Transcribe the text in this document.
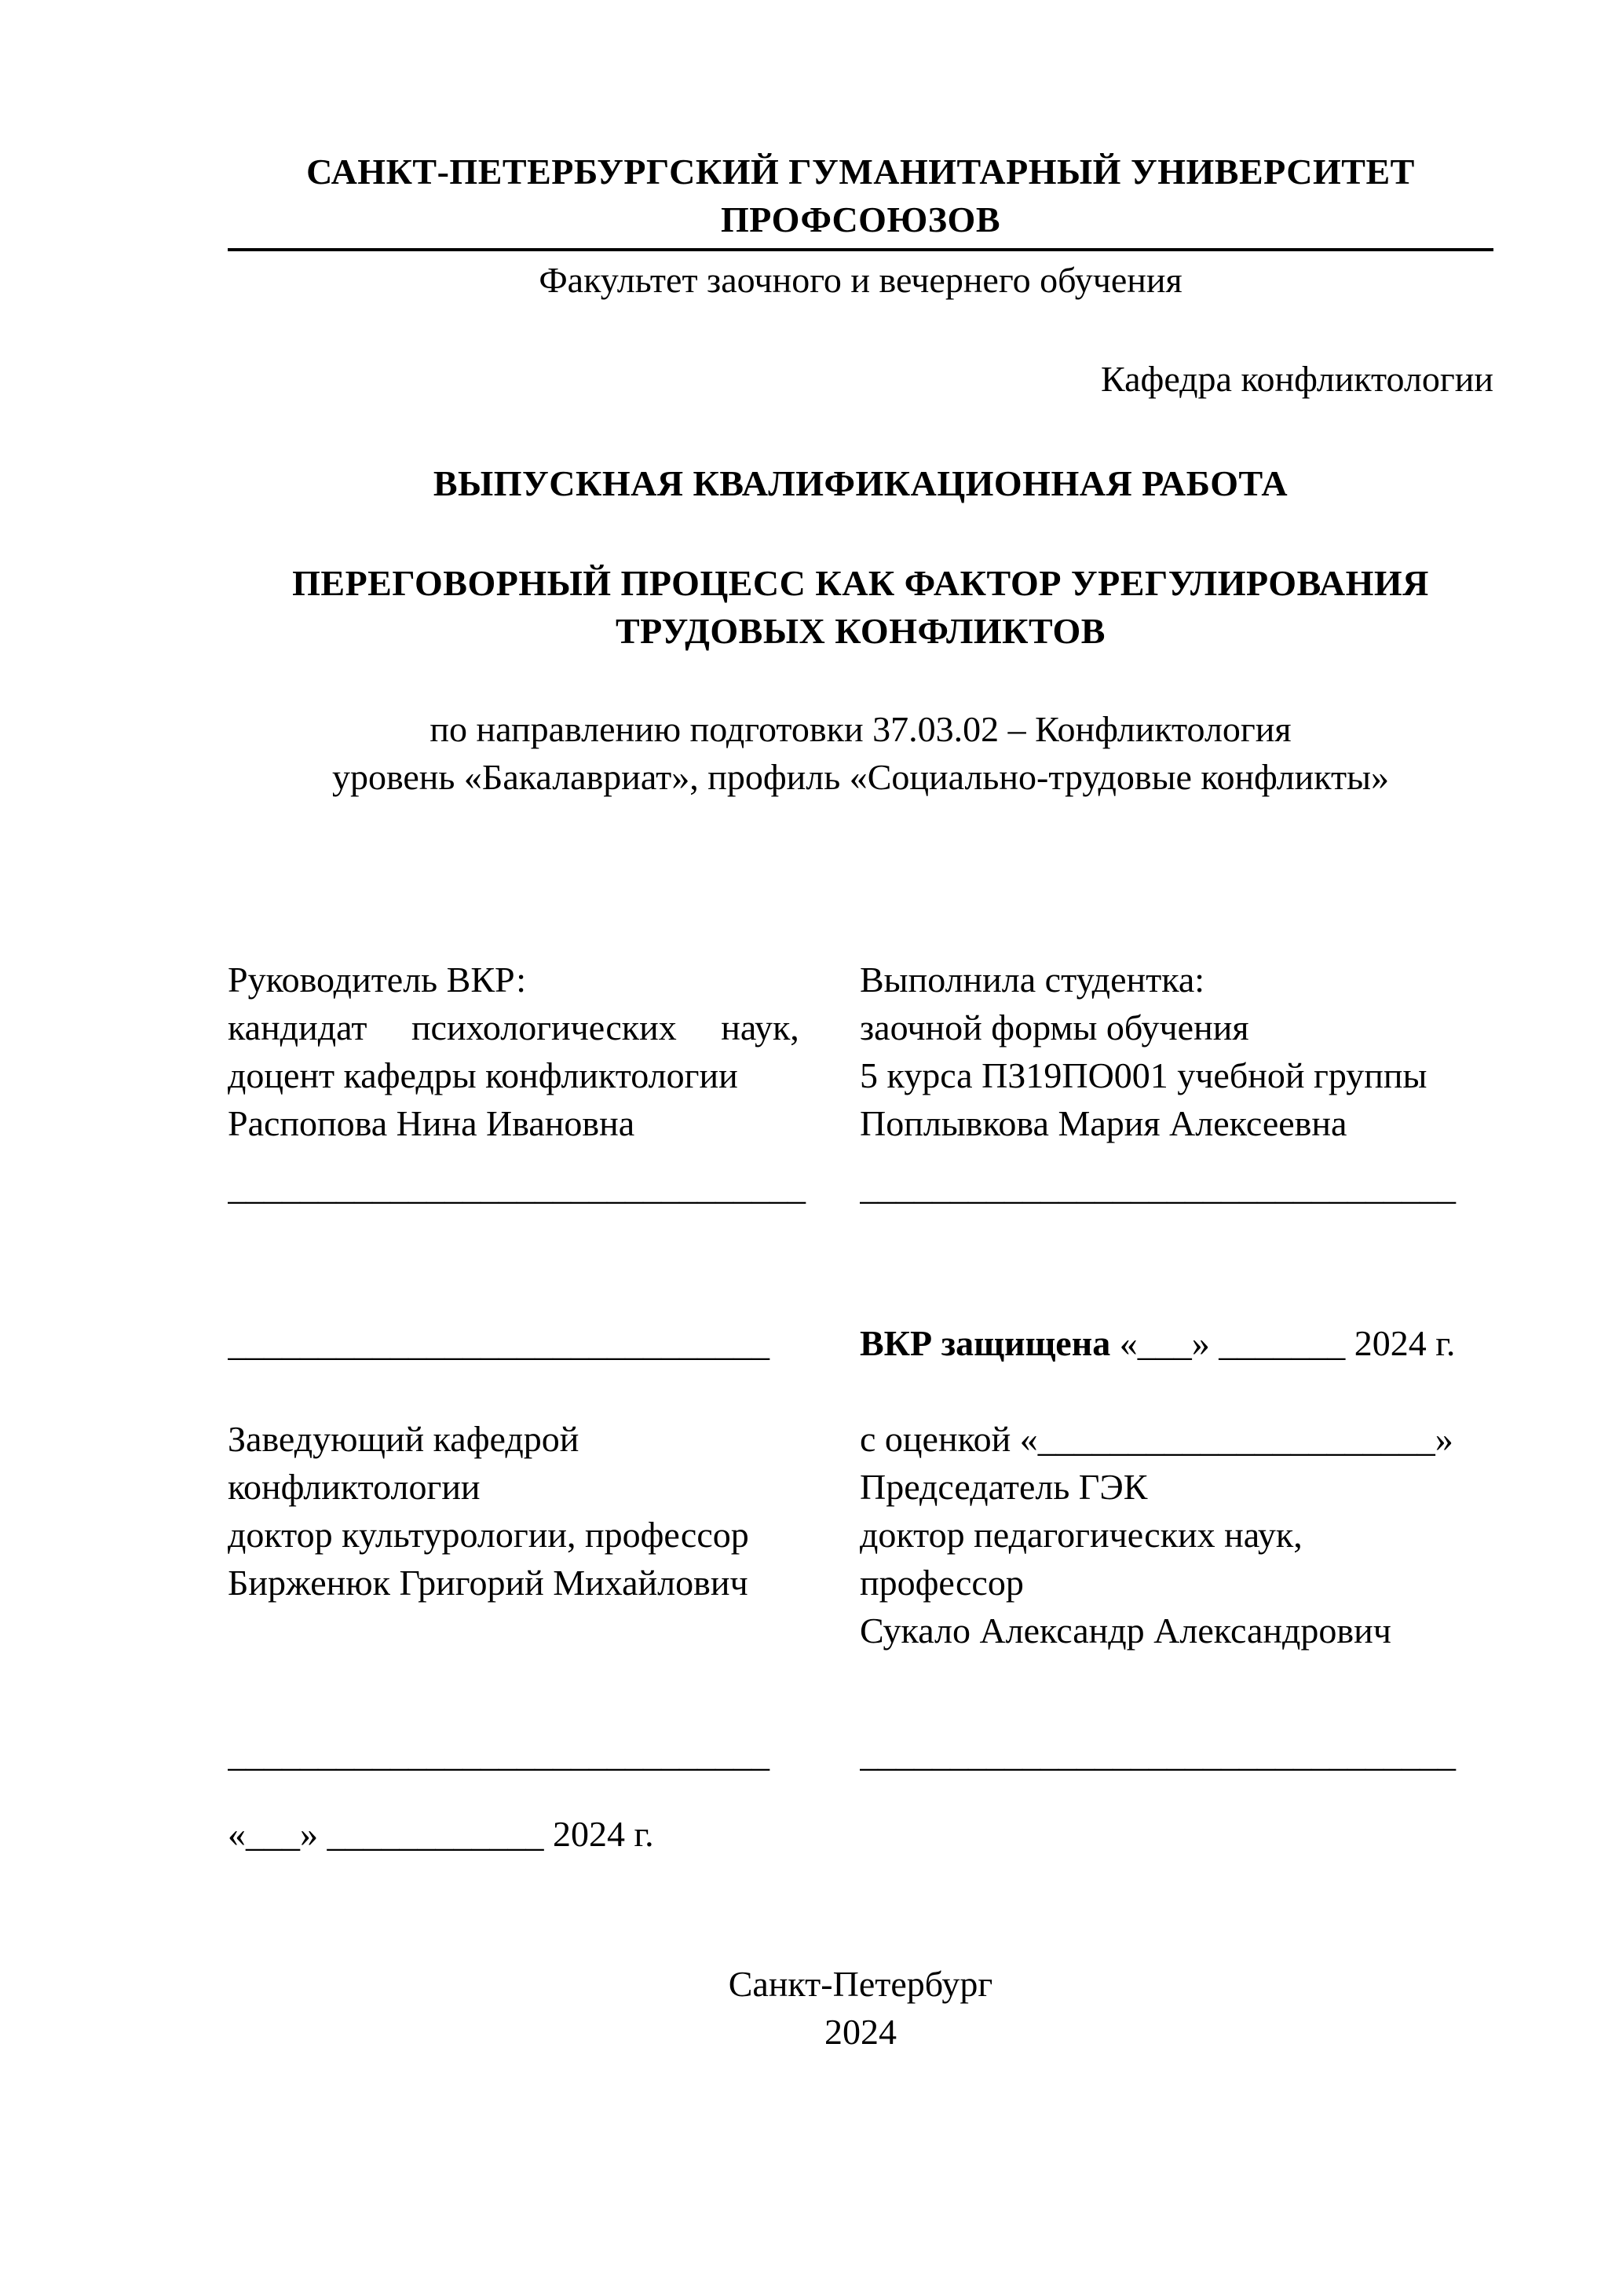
САНКТ-ПЕТЕРБУРГСКИЙ ГУМАНИТАРНЫЙ УНИВЕРСИТЕТ ПРОФСОЮЗОВ
Факультет заочного и вечернего обучения
Кафедра конфликтологии
ВЫПУСКНАЯ КВАЛИФИКАЦИОННАЯ РАБОТА
ПЕРЕГОВОРНЫЙ ПРОЦЕСС КАК ФАКТОР УРЕГУЛИРОВАНИЯ
ТРУДОВЫХ КОНФЛИКТОВ
по направлению подготовки 37.03.02 – Конфликтология
уровень «Бакалавриат», профиль «Социально-трудовые конфликты»
Руководитель ВКР:
кандидат психологических наук,
доцент кафедры конфликтологии
Распопова Нина Ивановна
________________________________
Выполнила студентка:
заочной формы обучения
5 курса ПЗ19ПО001 учебной группы
Поплывкова Мария Алексеевна
_________________________________
______________________________	ВКР защищена «___» _______ 2024 г.
Заведующий кафедрой
конфликтологии
доктор культурологии, профессор
Бирженюк Григорий Михайлович
с оценкой «______________________»
Председатель ГЭК
доктор педагогических наук,
профессор
Сукало Александр Александрович
______________________________	_________________________________
«___» ____________ 2024 г.
Санкт-Петербург
2024
